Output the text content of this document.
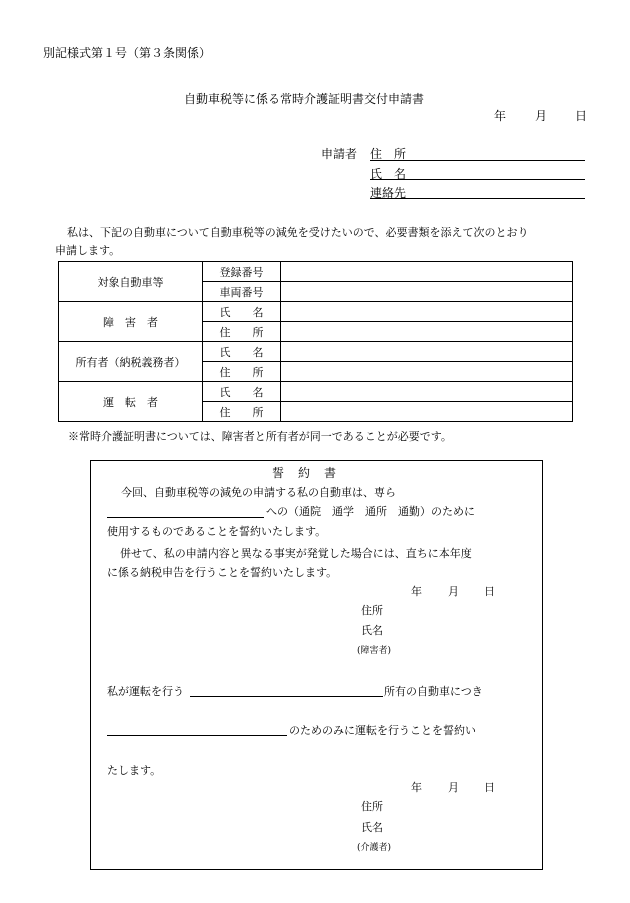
別記様式第１号（第３条関係）
自動車税等に係る常時介護証明書交付申請書
年 月 日
申請者 住　所
氏　名
連絡先
私は、下記の自動車について自動車税等の減免を受けたいので、必要書類を添えて次のとおり
申請します。
対象自動車等	登録番号	
	車両番号	
障　害　者	氏　　名	
	住　　所	
所有者（納税義務者）	氏　　名	
	住　　所	
運　転　者	氏　　名	
	住　　所	
※常時介護証明書については、障害者と所有者が同一であることが必要です。
誓　約　書
今回、自動車税等の減免の申請する私の自動車は、専ら
への（通院　通学　通所　通勤）のために
使用するものであることを誓約いたします。
併せて、私の申請内容と異なる事実が発覚した場合には、直ちに本年度
に係る納税申告を行うことを誓約いたします。
年 月 日
住所
氏名
(障害者)
私が運転を行う	所有の自動車につき
のためのみに運転を行うことを誓約い
たします。
年 月 日
住所
氏名
(介護者)
